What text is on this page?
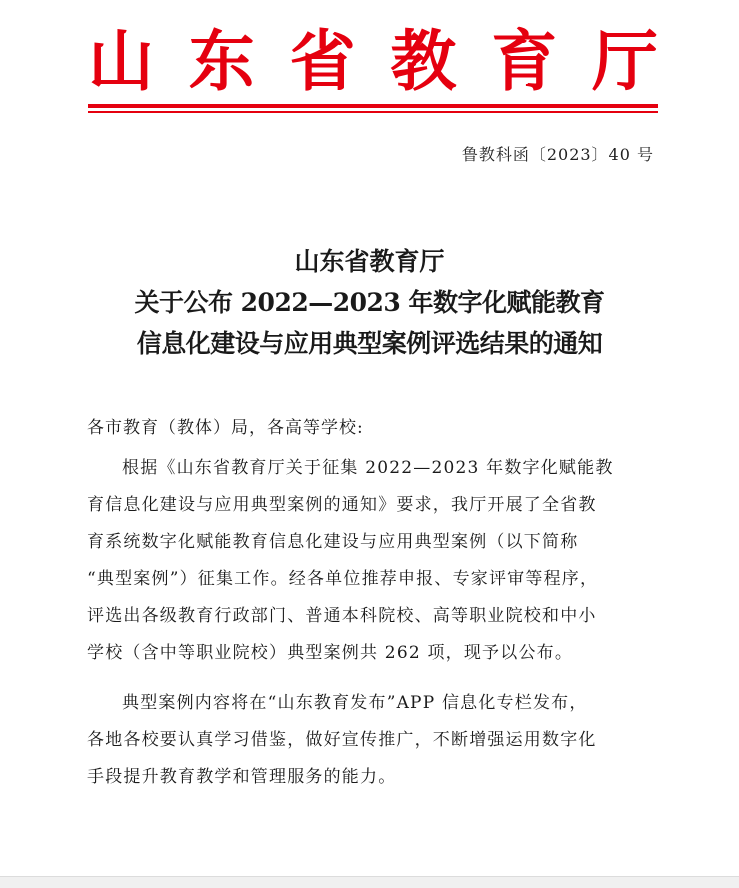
山 东 省 教 育 厅
鲁教科函〔2023〕40 号
山东省教育厅
关于公布 2022—2023 年数字化赋能教育
信息化建设与应用典型案例评选结果的通知
各市教育（教体）局，各高等学校:
根据《山东省教育厅关于征集 2022—2023 年数字化赋能教
育信息化建设与应用典型案例的通知》要求，我厅开展了全省教
育系统数字化赋能教育信息化建设与应用典型案例（以下简称
“典型案例”）征集工作。经各单位推荐申报、专家评审等程序，
评选出各级教育行政部门、普通本科院校、高等职业院校和中小
学校（含中等职业院校）典型案例共 262 项，现予以公布。
典型案例内容将在“山东教育发布”APP 信息化专栏发布，
各地各校要认真学习借鉴，做好宣传推广，不断增强运用数字化
手段提升教育教学和管理服务的能力。
